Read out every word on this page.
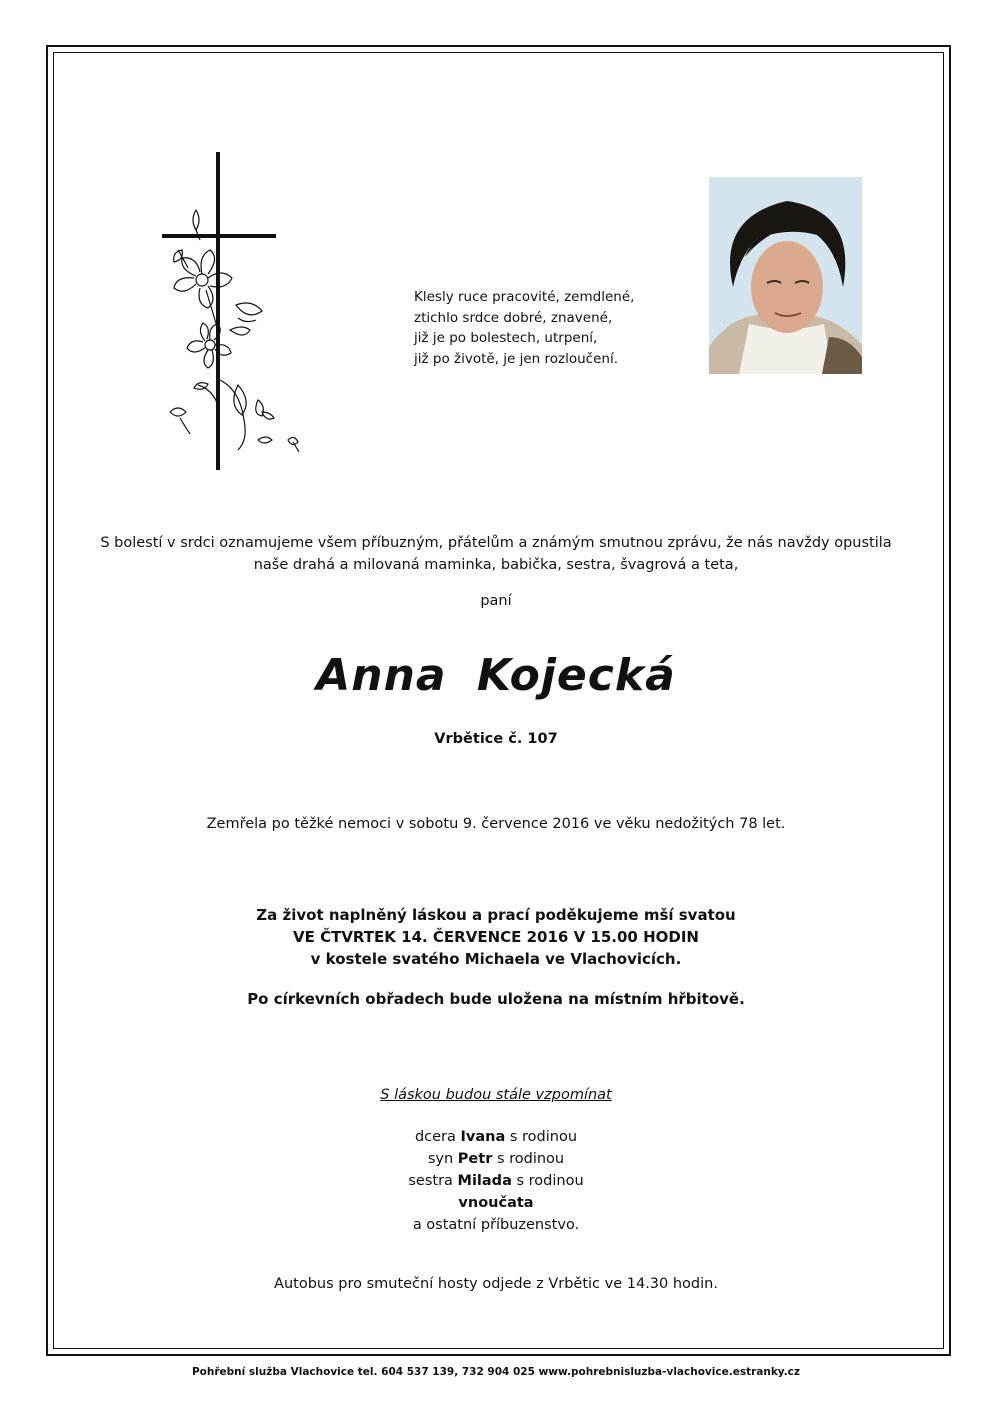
Klesly ruce pracovité, zemdlené,
ztichlo srdce dobré, znavené,
již je po bolestech, utrpení,
již po životě, je jen rozloučení.
S bolestí v srdci oznamujeme všem příbuzným, přátelům a známým smutnou zprávu, že nás navždy opustila
naše drahá a milovaná maminka, babička, sestra, švagrová a teta,
paní
Anna Kojecká
Vrbětice č. 107
Zemřela po těžké nemoci v sobotu 9. července 2016 ve věku nedožitých 78 let.
Za život naplněný láskou a prací poděkujeme mší svatou
VE ČTVRTEK 14. ČERVENCE 2016 V 15.00 HODIN
v kostele svatého Michaela ve Vlachovicích.
Po církevních obřadech bude uložena na místním hřbitově.
S láskou budou stále vzpomínat
dcera Ivana s rodinou
syn Petr s rodinou
sestra Milada s rodinou
vnoučata
a ostatní příbuzenstvo.
Autobus pro smuteční hosty odjede z Vrbětic ve 14.30 hodin.
Pohřební služba Vlachovice tel. 604 537 139, 732 904 025 www.pohrebnisluzba-vlachovice.estranky.cz
